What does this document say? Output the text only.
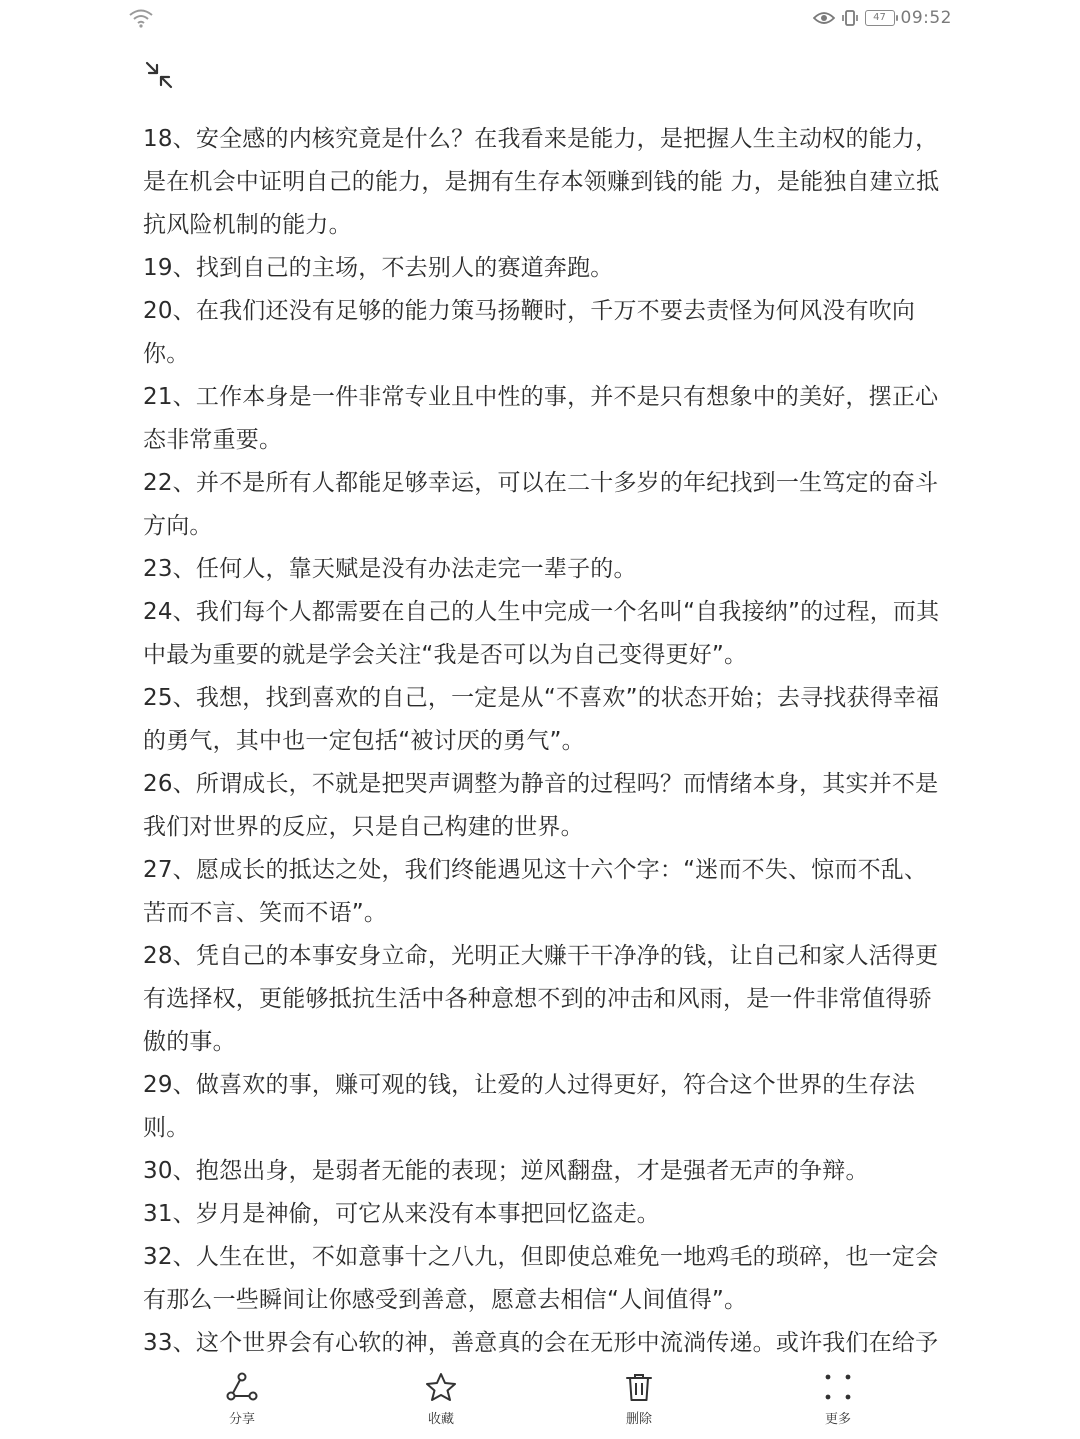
47 09:52

18、安全感的内核究竟是什么？在我看来是能力，是把握人生主动权的能力，是在机会中证明自己的能力，是拥有生存本领赚到钱的能 力，是能独自建立抵抗风险机制的能力。

19、找到自己的主场，不去别人的赛道奔跑。

20、在我们还没有足够的能力策马扬鞭时，千万不要去责怪为何风没有吹向你。

21、工作本身是一件非常专业且中性的事，并不是只有想象中的美好，摆正心态非常重要。

22、并不是所有人都能足够幸运，可以在二十多岁的年纪找到一生笃定的奋斗方向。

23、任何人，靠天赋是没有办法走完一辈子的。

24、我们每个人都需要在自己的人生中完成一个名叫“自我接纳”的过程，而其中最为重要的就是学会关注“我是否可以为自己变得更好”。

25、我想，找到喜欢的自己，一定是从“不喜欢”的状态开始；去寻找获得幸福的勇气，其中也一定包括“被讨厌的勇气”。

26、所谓成长，不就是把哭声调整为静音的过程吗？而情绪本身，其实并不是我们对世界的反应，只是自己构建的世界。

27、愿成长的抵达之处，我们终能遇见这十六个字：“迷而不失、惊而不乱、苦而不言、笑而不语”。

28、凭自己的本事安身立命，光明正大赚干干净净的钱，让自己和家人活得更有选择权，更能够抵抗生活中各种意想不到的冲击和风雨，是一件非常值得骄傲的事。

29、做喜欢的事，赚可观的钱，让爱的人过得更好，符合这个世界的生存法则。

30、抱怨出身，是弱者无能的表现；逆风翻盘，才是强者无声的争辩。

31、岁月是神偷，可它从来没有本事把回忆盗走。

32、人生在世，不如意事十之八九，但即使总难免一地鸡毛的琐碎，也一定会有那么一些瞬间让你感受到善意，愿意去相信“人间值得”。

33、这个世界会有心软的神，善意真的会在无形中流淌传递。或许我们在给予

分享	收藏	删除	更多
